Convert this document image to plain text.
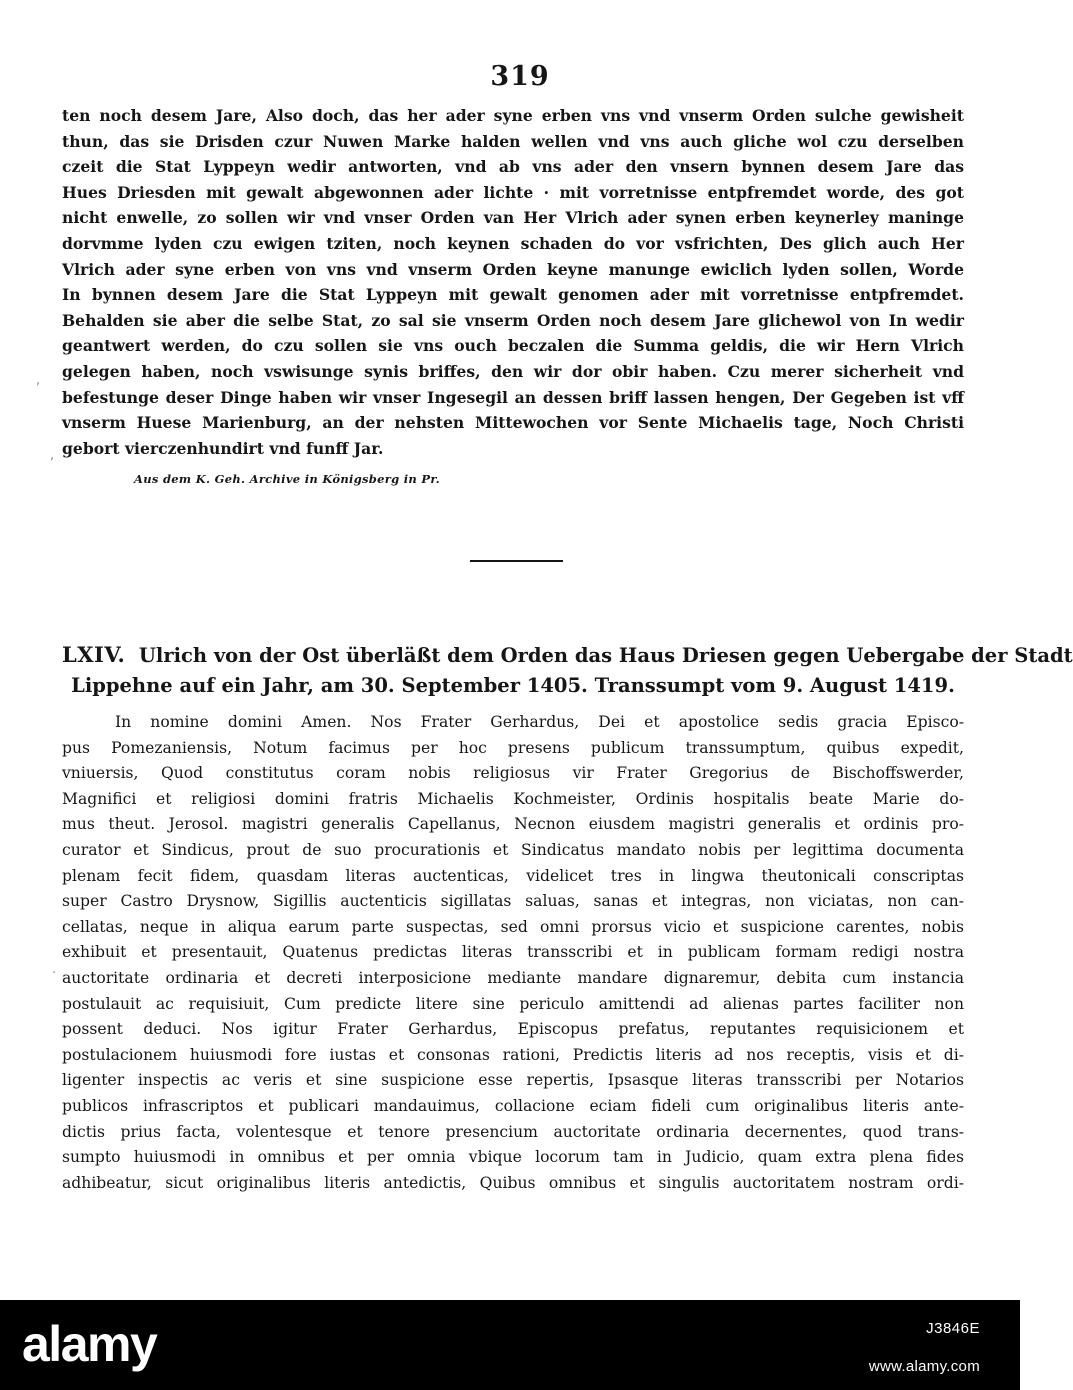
319
ten noch desem Jare, Also doch, das her ader syne erben vns vnd vnserm Orden sulche gewisheit
thun, das sie Drisden czur Nuwen Marke halden wellen vnd vns auch gliche wol czu derselben
czeit die Stat Lyppeyn wedir antworten, vnd ab vns ader den vnsern bynnen desem Jare das
Hues Driesden mit gewalt abgewonnen ader lichte · mit vorretnisse entpfremdet worde, des got
nicht enwelle, zo sollen wir vnd vnser Orden van Her Vlrich ader synen erben keynerley maninge
dorvmme lyden czu ewigen tziten, noch keynen schaden do vor vsfrichten, Des glich auch Her
Vlrich ader syne erben von vns vnd vnserm Orden keyne manunge ewiclich lyden sollen, Worde
In bynnen desem Jare die Stat Lyppeyn mit gewalt genomen ader mit vorretnisse entpfremdet.
Behalden sie aber die selbe Stat, zo sal sie vnserm Orden noch desem Jare glichewol von In wedir
geantwert werden, do czu sollen sie vns ouch beczalen die Summa geldis, die wir Hern Vlrich
gelegen haben, noch vswisunge synis briffes, den wir dor obir haben. Czu merer sicherheit vnd
befestunge deser Dinge haben wir vnser Ingesegil an dessen briff lassen hengen, Der Gegeben ist vff
vnserm Huese Marienburg, an der nehsten Mittewochen vor Sente Michaelis tage, Noch Christi
gebort vierczenhundirt vnd funff Jar.
,
,
Aus dem K. Geh. Archive in Königsberg in Pr.
LXIV. Ulrich von der Ost überläßt dem Orden das Haus Driesen gegen Uebergabe der Stadt
Lippehne auf ein Jahr, am 30. September 1405. Transsumpt vom 9. August 1419.
In nomine domini Amen. Nos Frater Gerhardus, Dei et apostolice sedis gracia Episco-
pus Pomezaniensis, Notum facimus per hoc presens publicum transsumptum, quibus expedit,
vniuersis, Quod constitutus coram nobis religiosus vir Frater Gregorius de Bischoffswerder,
Magnifici et religiosi domini fratris Michaelis Kochmeister, Ordinis hospitalis beate Marie do-
mus theut. Jerosol. magistri generalis Capellanus, Necnon eiusdem magistri generalis et ordinis pro-
curator et Sindicus, prout de suo procurationis et Sindicatus mandato nobis per legittima documenta
plenam fecit fidem, quasdam literas auctenticas, videlicet tres in lingwa theutonicali conscriptas
super Castro Drysnow, Sigillis auctenticis sigillatas saluas, sanas et integras, non viciatas, non can-
cellatas, neque in aliqua earum parte suspectas, sed omni prorsus vicio et suspicione carentes, nobis
exhibuit et presentauit, Quatenus predictas literas transscribi et in publicam formam redigi nostra
auctoritate ordinaria et decreti interposicione mediante mandare dignaremur, debita cum instancia
postulauit ac requisiuit, Cum predicte litere sine periculo amittendi ad alienas partes faciliter non
possent deduci. Nos igitur Frater Gerhardus, Episcopus prefatus, reputantes requisicionem et
postulacionem huiusmodi fore iustas et consonas rationi, Predictis literis ad nos receptis, visis et di-
ligenter inspectis ac veris et sine suspicione esse repertis, Ipsasque literas transscribi per Notarios
publicos infrascriptos et publicari mandauimus, collacione eciam fideli cum originalibus literis ante-
dictis prius facta, volentesque et tenore presencium auctoritate ordinaria decernentes, quod trans-
sumpto huiusmodi in omnibus et per omnia vbique locorum tam in Judicio, quam extra plena fides
adhibeatur, sicut originalibus literis antedictis, Quibus omnibus et singulis auctoritatem nostram ordi-
.
alamy	J3846E
www.alamy.com
